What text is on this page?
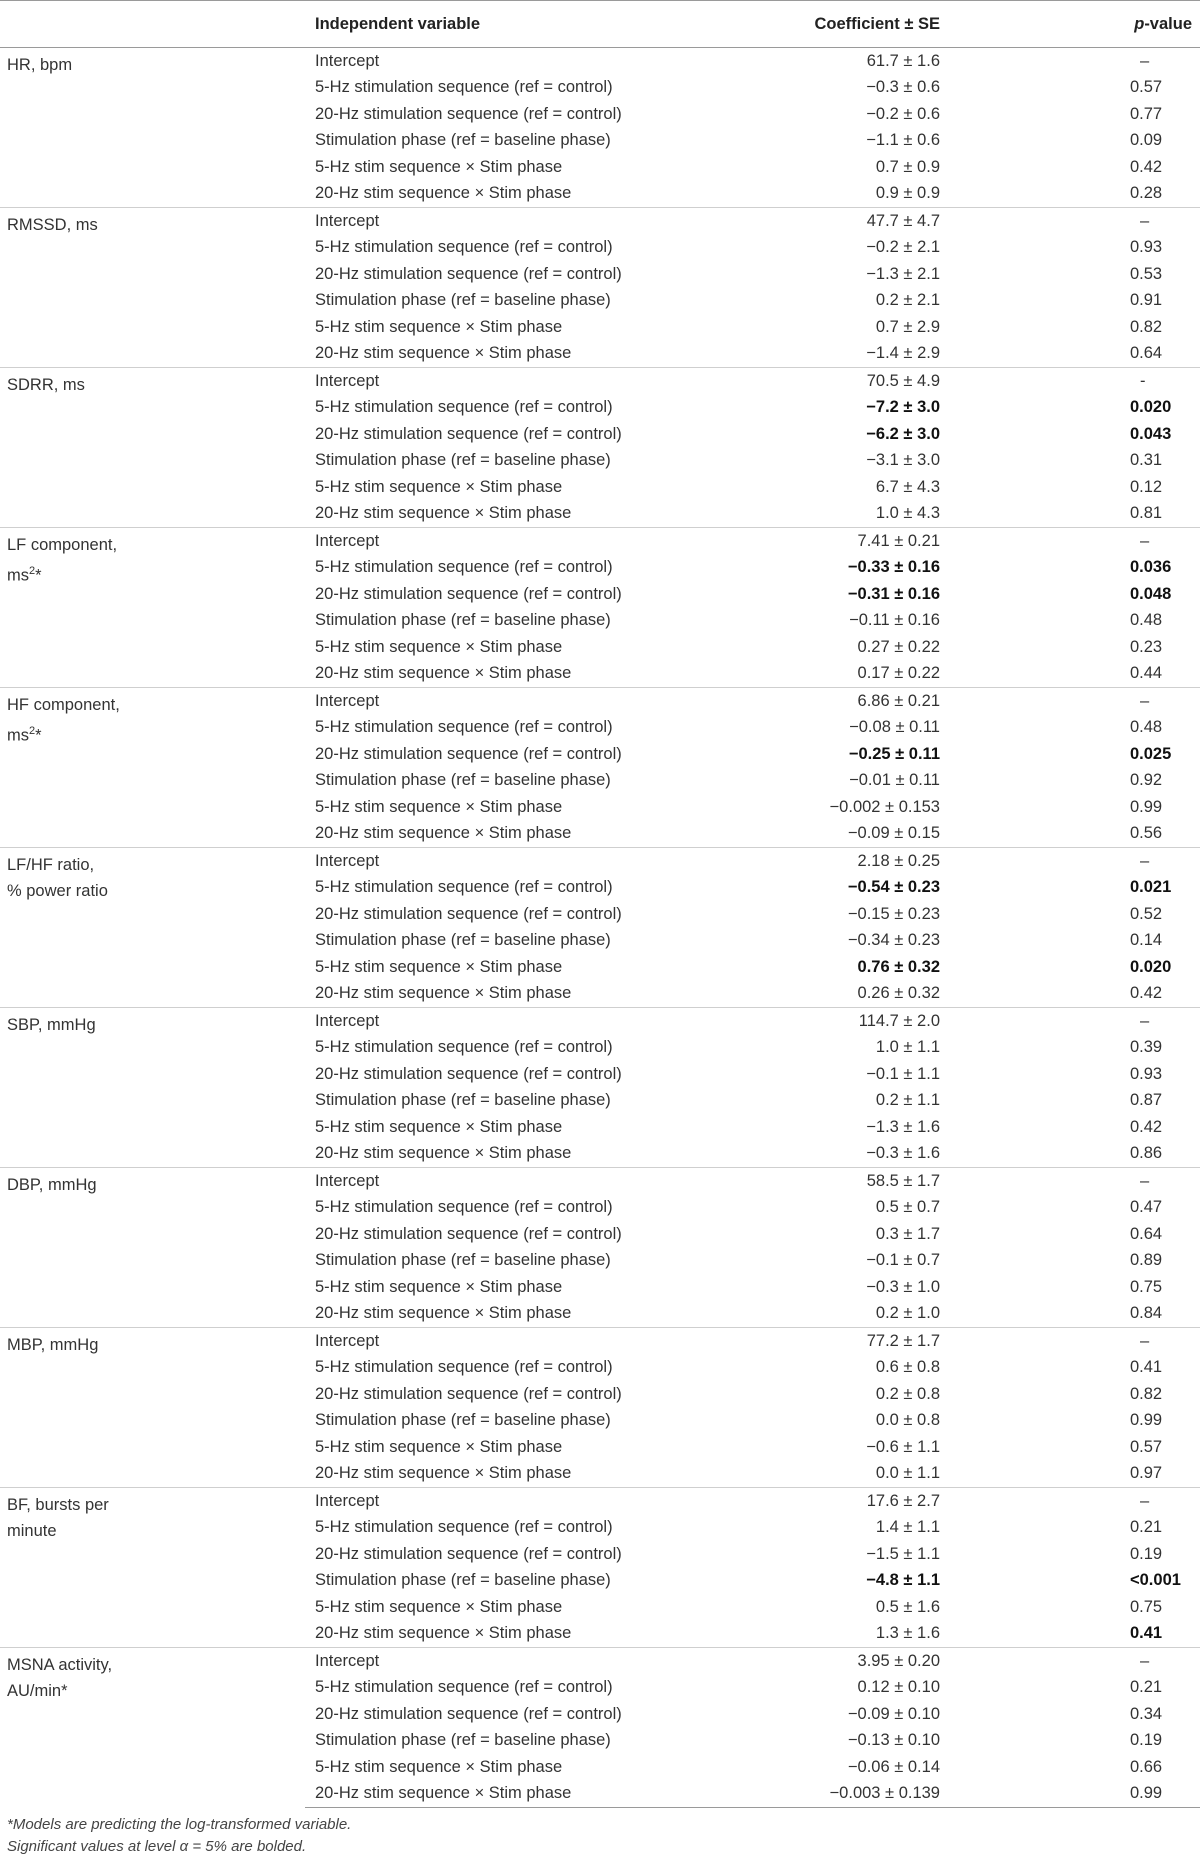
	Independent variable	Coefficient ± SE	p-value

HR, bpm	Intercept	61.7 ± 1.6	–
	5-Hz stimulation sequence (ref = control)	−0.3 ± 0.6	0.57
	20-Hz stimulation sequence (ref = control)	−0.2 ± 0.6	0.77
	Stimulation phase (ref = baseline phase)	−1.1 ± 0.6	0.09
	5-Hz stim sequence × Stim phase	0.7 ± 0.9	0.42
	20-Hz stim sequence × Stim phase	0.9 ± 0.9	0.28

RMSSD, ms	Intercept	47.7 ± 4.7	–
	5-Hz stimulation sequence (ref = control)	−0.2 ± 2.1	0.93
	20-Hz stimulation sequence (ref = control)	−1.3 ± 2.1	0.53
	Stimulation phase (ref = baseline phase)	0.2 ± 2.1	0.91
	5-Hz stim sequence × Stim phase	0.7 ± 2.9	0.82
	20-Hz stim sequence × Stim phase	−1.4 ± 2.9	0.64

SDRR, ms	Intercept	70.5 ± 4.9	-
	5-Hz stimulation sequence (ref = control)	−7.2 ± 3.0	0.020
	20-Hz stimulation sequence (ref = control)	−6.2 ± 3.0	0.043
	Stimulation phase (ref = baseline phase)	−3.1 ± 3.0	0.31
	5-Hz stim sequence × Stim phase	6.7 ± 4.3	0.12
	20-Hz stim sequence × Stim phase	1.0 ± 4.3	0.81

LF component,
$ms^2*$	Intercept	7.41 ± 0.21	–
	5-Hz stimulation sequence (ref = control)	−0.33 ± 0.16	0.036
	20-Hz stimulation sequence (ref = control)	−0.31 ± 0.16	0.048
	Stimulation phase (ref = baseline phase)	−0.11 ± 0.16	0.48
	5-Hz stim sequence × Stim phase	0.27 ± 0.22	0.23
	20-Hz stim sequence × Stim phase	0.17 ± 0.22	0.44

HF component,
$ms^2*$	Intercept	6.86 ± 0.21	–
	5-Hz stimulation sequence (ref = control)	−0.08 ± 0.11	0.48
	20-Hz stimulation sequence (ref = control)	−0.25 ± 0.11	0.025
	Stimulation phase (ref = baseline phase)	−0.01 ± 0.11	0.92
	5-Hz stim sequence × Stim phase	−0.002 ± 0.153	0.99
	20-Hz stim sequence × Stim phase	−0.09 ± 0.15	0.56

LF/HF ratio,
% power ratio	Intercept	2.18 ± 0.25	–
	5-Hz stimulation sequence (ref = control)	−0.54 ± 0.23	0.021
	20-Hz stimulation sequence (ref = control)	−0.15 ± 0.23	0.52
	Stimulation phase (ref = baseline phase)	−0.34 ± 0.23	0.14
	5-Hz stim sequence × Stim phase	0.76 ± 0.32	0.020
	20-Hz stim sequence × Stim phase	0.26 ± 0.32	0.42

SBP, mmHg	Intercept	114.7 ± 2.0	–
	5-Hz stimulation sequence (ref = control)	1.0 ± 1.1	0.39
	20-Hz stimulation sequence (ref = control)	−0.1 ± 1.1	0.93
	Stimulation phase (ref = baseline phase)	0.2 ± 1.1	0.87
	5-Hz stim sequence × Stim phase	−1.3 ± 1.6	0.42
	20-Hz stim sequence × Stim phase	−0.3 ± 1.6	0.86

DBP, mmHg	Intercept	58.5 ± 1.7	–
	5-Hz stimulation sequence (ref = control)	0.5 ± 0.7	0.47
	20-Hz stimulation sequence (ref = control)	0.3 ± 1.7	0.64
	Stimulation phase (ref = baseline phase)	−0.1 ± 0.7	0.89
	5-Hz stim sequence × Stim phase	−0.3 ± 1.0	0.75
	20-Hz stim sequence × Stim phase	0.2 ± 1.0	0.84

MBP, mmHg	Intercept	77.2 ± 1.7	–
	5-Hz stimulation sequence (ref = control)	0.6 ± 0.8	0.41
	20-Hz stimulation sequence (ref = control)	0.2 ± 0.8	0.82
	Stimulation phase (ref = baseline phase)	0.0 ± 0.8	0.99
	5-Hz stim sequence × Stim phase	−0.6 ± 1.1	0.57
	20-Hz stim sequence × Stim phase	0.0 ± 1.1	0.97

BF, bursts per
minute	Intercept	17.6 ± 2.7	–
	5-Hz stimulation sequence (ref = control)	1.4 ± 1.1	0.21
	20-Hz stimulation sequence (ref = control)	−1.5 ± 1.1	0.19
	Stimulation phase (ref = baseline phase)	−4.8 ± 1.1	<0.001
	5-Hz stim sequence × Stim phase	0.5 ± 1.6	0.75
	20-Hz stim sequence × Stim phase	1.3 ± 1.6	0.41

MSNA activity,
AU/min*	Intercept	3.95 ± 0.20	–
	5-Hz stimulation sequence (ref = control)	0.12 ± 0.10	0.21
	20-Hz stimulation sequence (ref = control)	−0.09 ± 0.10	0.34
	Stimulation phase (ref = baseline phase)	−0.13 ± 0.10	0.19
	5-Hz stim sequence × Stim phase	−0.06 ± 0.14	0.66
	20-Hz stim sequence × Stim phase	−0.003 ± 0.139	0.99
*Models are predicting the log-transformed variable.
Significant values at level α = 5% are bolded.
